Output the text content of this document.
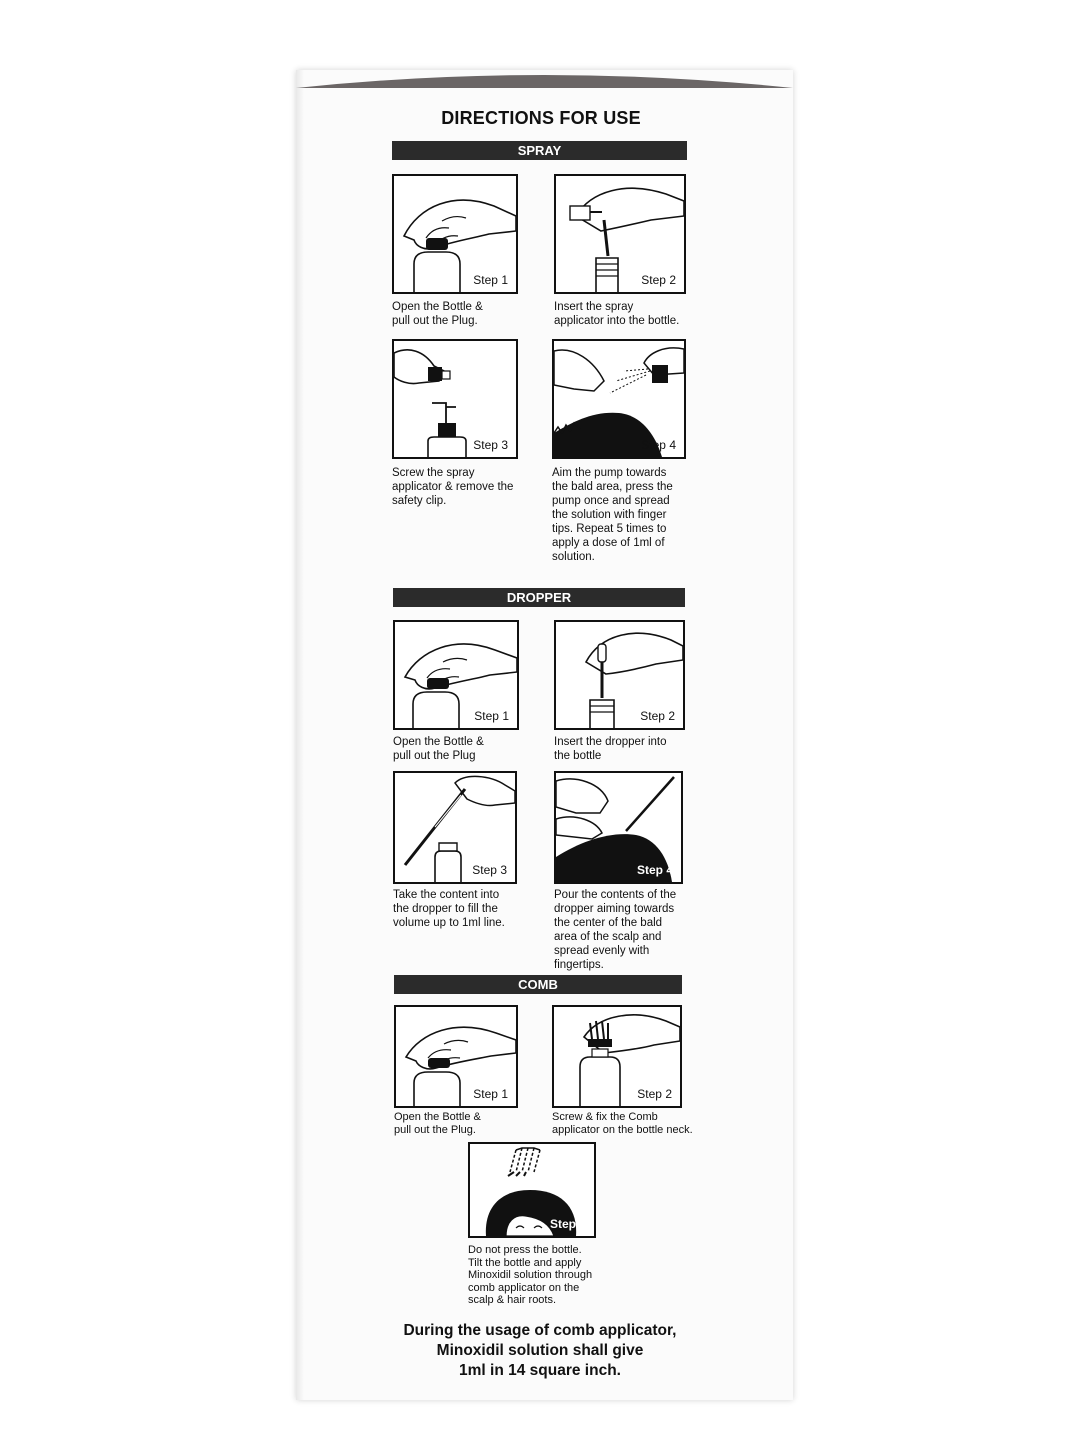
DIRECTIONS FOR USE
SPRAY
Step 1
Open the Bottle &
pull out the Plug.
Step 2
Insert the spray
applicator into the bottle.
Step 3
Screw the spray
applicator & remove the
safety clip.
Step 4
Aim the pump towards
the bald area, press the
pump once and spread
the solution with finger
tips. Repeat 5 times to
apply a dose of 1ml of
solution.
DROPPER
Step 1
Open the Bottle &
pull out the Plug
Step 2
Insert the dropper into
the bottle
Step 3
Take the content into
the dropper to fill the
volume up to 1ml line.
Step 4
Pour the contents of the
dropper aiming towards
the center of the bald
area of the scalp and
spread evenly with
fingertips.
COMB
Step 1
Open the Bottle &
pull out the Plug.
Step 2
Screw & fix the Comb
applicator on the bottle neck.
Step 3
Do not press the bottle.
Tilt the bottle and apply
Minoxidil solution through
comb applicator on the
scalp & hair roots.
During the usage of comb applicator,
Minoxidil solution shall give
1ml in 14 square inch.
